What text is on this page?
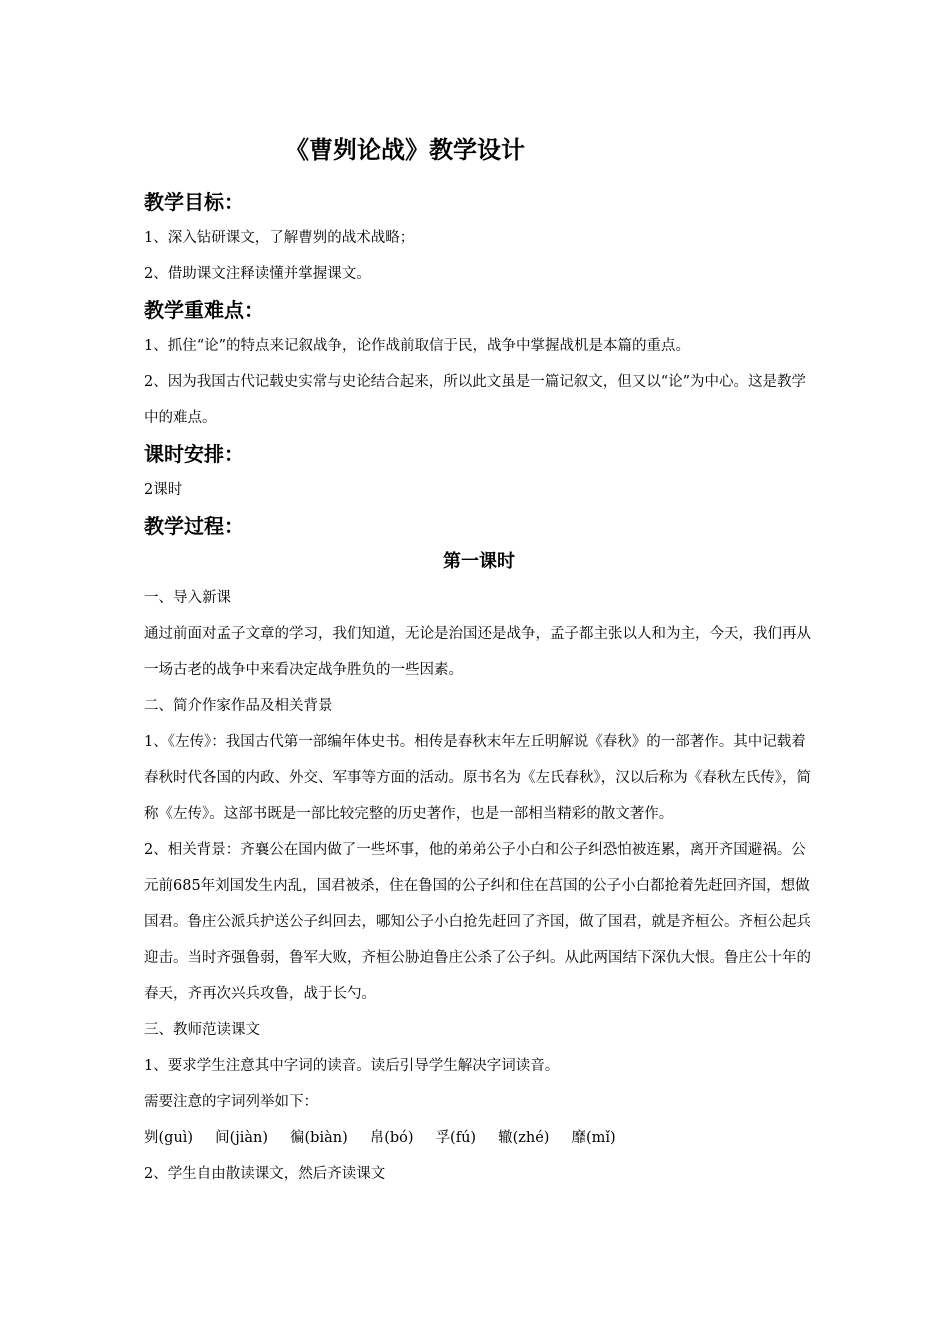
《曹刿论战》教学设计
教学目标：

1、深入钻研课文，了解曹刿的战术战略；

2、借助课文注释读懂并掌握课文。

教学重难点：

1、抓住“论”的特点来记叙战争，论作战前取信于民，战争中掌握战机是本篇的重点。

2、因为我国古代记载史实常与史论结合起来，所以此文虽是一篇记叙文，但又以“论”为中心。这是教学中的难点。

课时安排：

2课时

教学过程：
第一课时

一、导入新课

通过前面对孟子文章的学习，我们知道，无论是治国还是战争，孟子都主张以人和为主，今天，我们再从一场古老的战争中来看决定战争胜负的一些因素。

二、简介作家作品及相关背景

1、《左传》：我国古代第一部编年体史书。相传是春秋末年左丘明解说《春秋》的一部著作。其中记载着春秋时代各国的内政、外交、军事等方面的活动。原书名为《左氏春秋》，汉以后称为《春秋左氏传》，简称《左传》。这部书既是一部比较完整的历史著作，也是一部相当精彩的散文著作。

2、相关背景：齐襄公在国内做了一些坏事，他的弟弟公子小白和公子纠恐怕被连累，离开齐国避祸。公元前685年刘国发生内乱，国君被杀，住在鲁国的公子纠和住在莒国的公子小白都抢着先赶回齐国，想做国君。鲁庄公派兵护送公子纠回去，哪知公子小白抢先赶回了齐国，做了国君，就是齐桓公。齐桓公起兵迎击。当时齐强鲁弱，鲁军大败，齐桓公胁迫鲁庄公杀了公子纠。从此两国结下深仇大恨。鲁庄公十年的春天，齐再次兴兵攻鲁，战于长勺。

三、教师范读课文

1、要求学生注意其中字词的读音。读后引导学生解决字词读音。

需要注意的字词列举如下：

刿(guì) 间(jiàn) 徧(biàn) 帛(bó) 孚(fú) 辙(zhé) 靡(mǐ)

2、学生自由散读课文，然后齐读课文
